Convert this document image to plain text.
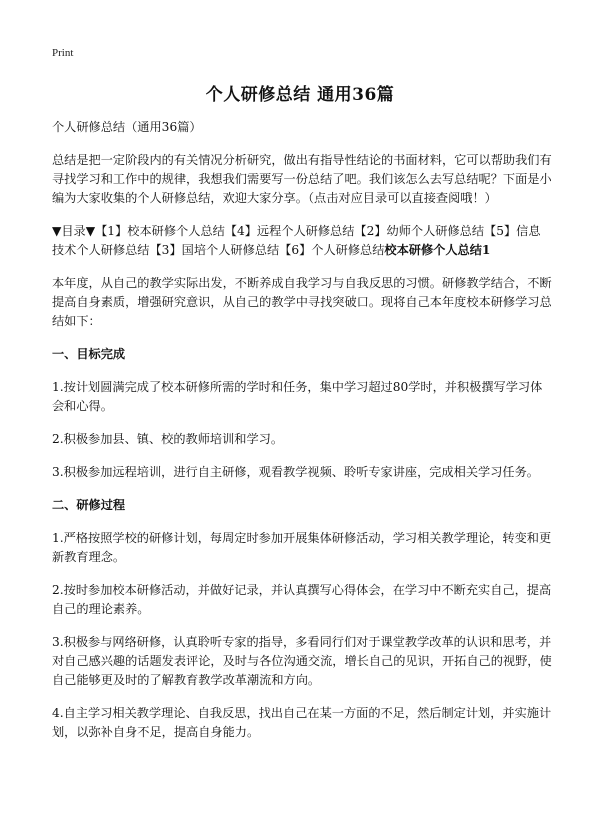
Print
个人研修总结 通用36篇

个人研修总结（通用36篇）

总结是把一定阶段内的有关情况分析研究，做出有指导性结论的书面材料，它可以帮助我们有寻找学习和工作中的规律，我想我们需要写一份总结了吧。我们该怎么去写总结呢？下面是小编为大家收集的个人研修总结，欢迎大家分享。（点击对应目录可以直接查阅哦！）

▼目录▼【1】校本研修个人总结【4】远程个人研修总结【2】幼师个人研修总结【5】信息技术个人研修总结【3】国培个人研修总结【6】个人研修总结校本研修个人总结1

本年度，从自己的教学实际出发，不断养成自我学习与自我反思的习惯。研修教学结合，不断提高自身素质，增强研究意识，从自己的教学中寻找突破口。现将自己本年度校本研修学习总结如下：

一、目标完成

1.按计划圆满完成了校本研修所需的学时和任务，集中学习超过80学时，并积极撰写学习体会和心得。

2.积极参加县、镇、校的教师培训和学习。

3.积极参加远程培训，进行自主研修，观看教学视频、聆听专家讲座，完成相关学习任务。

二、研修过程

1.严格按照学校的研修计划，每周定时参加开展集体研修活动，学习相关教学理论，转变和更新教育理念。

2.按时参加校本研修活动，并做好记录，并认真撰写心得体会，在学习中不断充实自己，提高自己的理论素养。

3.积极参与网络研修，认真聆听专家的指导，多看同行们对于课堂教学改革的认识和思考，并对自己感兴趣的话题发表评论，及时与各位沟通交流，增长自己的见识，开拓自己的视野，使自己能够更及时的了解教育教学改革潮流和方向。

4.自主学习相关教学理论、自我反思，找出自己在某一方面的不足，然后制定计划，并实施计划，以弥补自身不足，提高自身能力。
